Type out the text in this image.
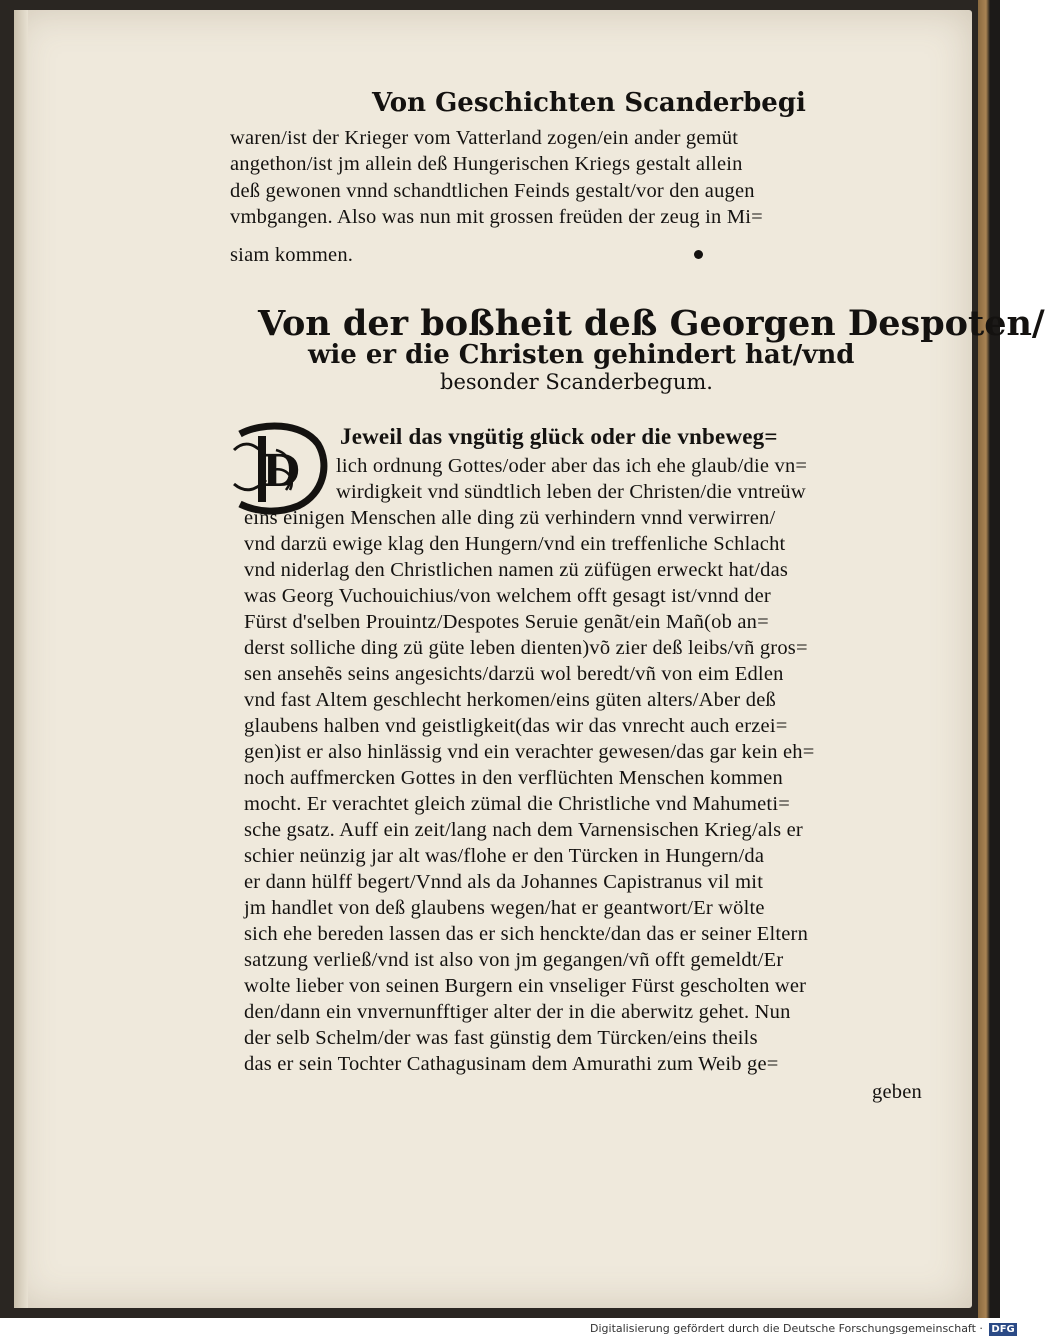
Von Geschichten Scanderbegi
waren/ist der Krieger vom Vatterland zogen/ein ander gemüt
angethon/ist jm allein deß Hungerischen Kriegs gestalt allein
deß gewonen vnnd schandtlichen Feinds gestalt/vor den augen
vmbgangen. Also was nun mit grossen freüden der zeug in Mi=
siam kommen.
Von der boßheit deß Georgen Despoten/
wie er die Christen gehindert hat/vnd
besonder Scanderbegum.
D
Jeweil das vngütig glück oder die vnbeweg=
lich ordnung Gottes/oder aber das ich ehe glaub/die vn=
wirdigkeit vnd sündtlich leben der Christen/die vntreüw
eins einigen Menschen alle ding zü verhindern vnnd verwirren/
vnd darzü ewige klag den Hungern/vnd ein treffenliche Schlacht
vnd niderlag den Christlichen namen zü züfügen erweckt hat/das
was Georg Vuchouichius/von welchem offt gesagt ist/vnnd der
Fürst d'selben Prouintz/Despotes Seruie genãt/ein Mañ(ob an=
derst solliche ding zü güte leben dienten)võ zier deß leibs/vñ gros=
sen ansehẽs seins angesichts/darzü wol beredt/vñ von eim Edlen
vnd fast Altem geschlecht herkomen/eins güten alters/Aber deß
glaubens halben vnd geistligkeit(das wir das vnrecht auch erzei=
gen)ist er also hinlässig vnd ein verachter gewesen/das gar kein eh=
noch auffmercken Gottes in den verflüchten Menschen kommen
mocht. Er verachtet gleich zümal die Christliche vnd Mahumeti=
sche gsatz. Auff ein zeit/lang nach dem Varnensischen Krieg/als er
schier neünzig jar alt was/flohe er den Türcken in Hungern/da
er dann hülff begert/Vnnd als da Johannes Capistranus vil mit
jm handlet von deß glaubens wegen/hat er geantwort/Er wölte
sich ehe bereden lassen das er sich henckte/dan das er seiner Eltern
satzung verließ/vnd ist also von jm gegangen/vñ offt gemeldt/Er
wolte lieber von seinen Burgern ein vnseliger Fürst gescholten wer
den/dann ein vnvernunfftiger alter der in die aberwitz gehet. Nun
der selb Schelm/der was fast günstig dem Türcken/eins theils
das er sein Tochter Cathagusinam dem Amurathi zum Weib ge=
geben
Digitalisierung gefördert durch die Deutsche Forschungsgemeinschaft · DFG
